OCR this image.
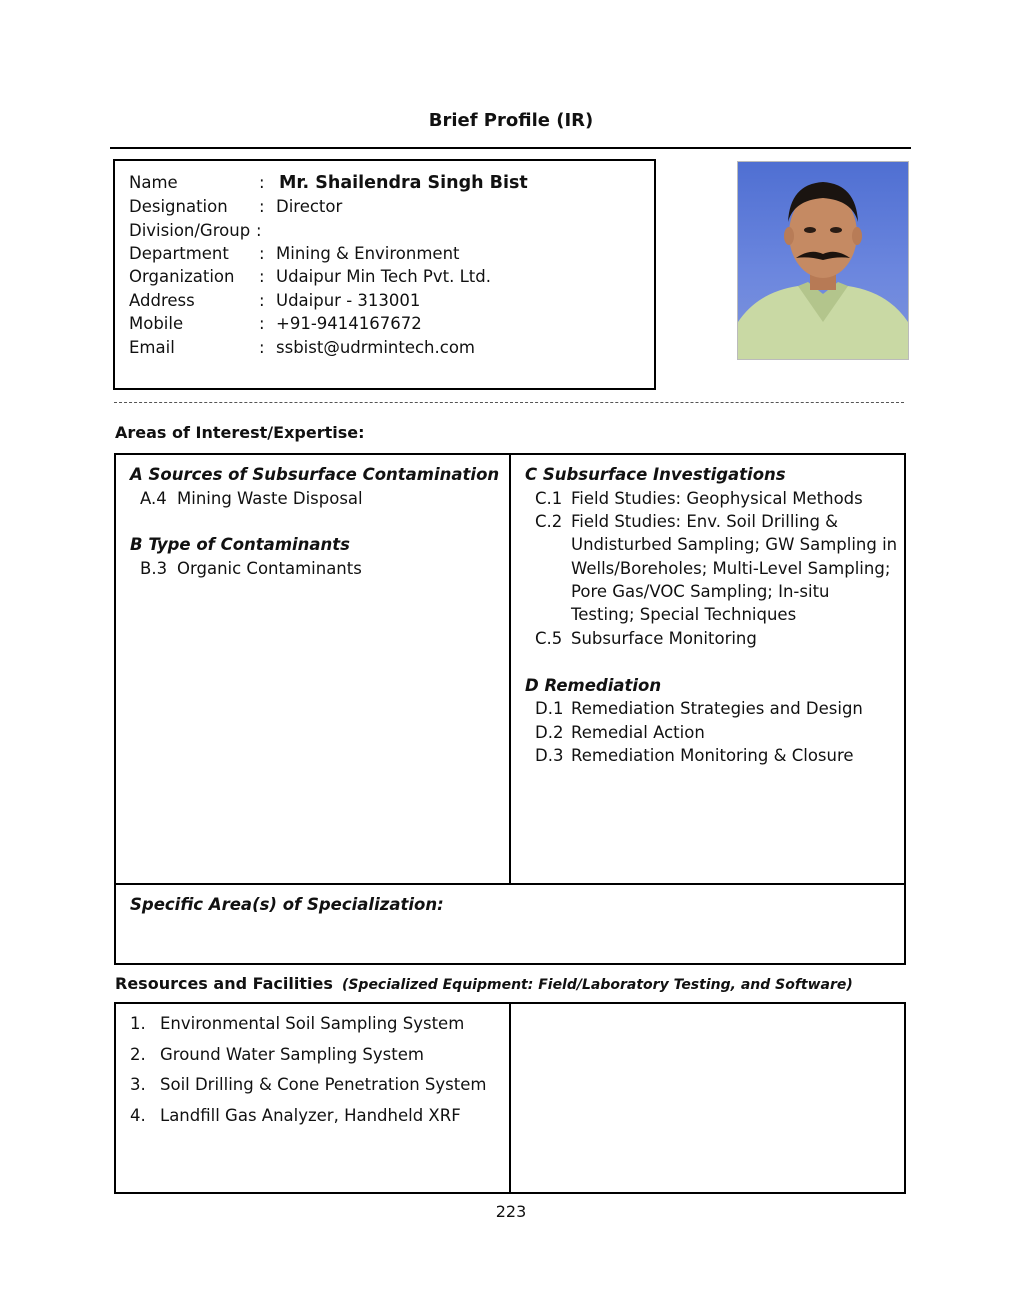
Brief Profile (IR)
Name	: Mr. Shailendra Singh Bist
Designation : Director
Division/Group :
Department : Mining & Environment
Organization : Udaipur Min Tech Pvt. Ltd.
Address	: Udaipur - 313001
Mobile	: +91-9414167672
Email	: ssbist@udrmintech.com
Areas of Interest/Expertise:
A Sources of Subsurface Contamination
A.4 Mining Waste Disposal
B Type of Contaminants
B.3 Organic Contaminants
C Subsurface Investigations
C.1 Field Studies: Geophysical Methods
C.2 Field Studies: Env. Soil Drilling &
Undisturbed Sampling; GW Sampling in
Wells/Boreholes; Multi-Level Sampling;
Pore Gas/VOC Sampling; In-situ
Testing; Special Techniques
C.5 Subsurface Monitoring
D Remediation
D.1 Remediation Strategies and Design
D.2 Remedial Action
D.3 Remediation Monitoring & Closure
Specific Area(s) of Specialization:
Resources and Facilities (Specialized Equipment: Field/Laboratory Testing, and Software)
1. Environmental Soil Sampling System
2. Ground Water Sampling System
3. Soil Drilling & Cone Penetration System
4. Landfill Gas Analyzer, Handheld XRF
223
